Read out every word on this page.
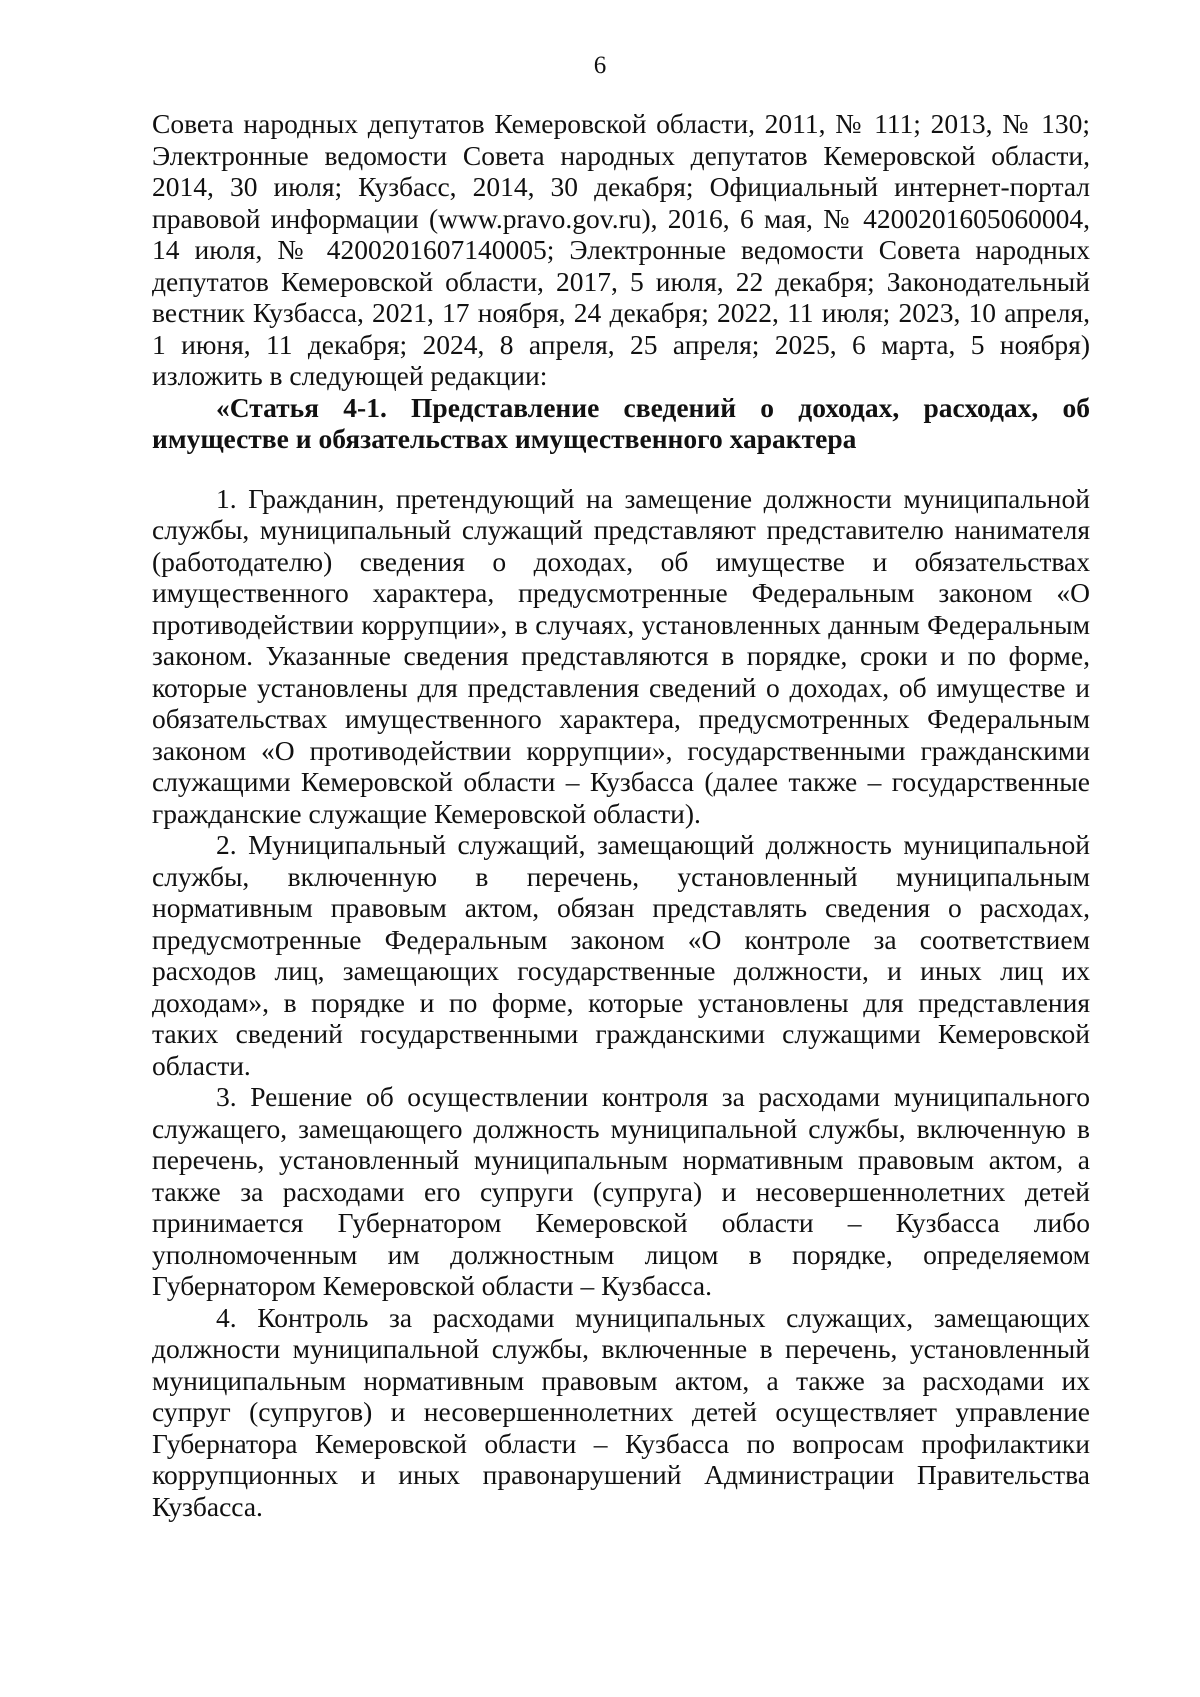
6

Совета народных депутатов Кемеровской области, 2011, № 111; 2013, № 130; Электронные ведомости Совета народных депутатов Кемеровской области, 2014, 30 июля; Кузбасс, 2014, 30 декабря; Официальный интернет-портал правовой информации (www.pravo.gov.ru), 2016, 6 мая, № 4200201605060004, 14 июля, № 4200201607140005; Электронные ведомости Совета народных депутатов Кемеровской области, 2017, 5 июля, 22 декабря; Законодательный вестник Кузбасса, 2021, 17 ноября, 24 декабря; 2022, 11 июля; 2023, 10 апреля, 1 июня, 11 декабря; 2024, 8 апреля, 25 апреля; 2025, 6 марта, 5 ноября) изложить в следующей редакции:

«Статья 4-1. Представление сведений о доходах, расходах, об имуществе и обязательствах имущественного характера

1. Гражданин, претендующий на замещение должности муниципальной службы, муниципальный служащий представляют представителю нанимателя (работодателю) сведения о доходах, об имуществе и обязательствах имущественного характера, предусмотренные Федеральным законом «О противодействии коррупции», в случаях, установленных данным Федеральным законом. Указанные сведения представляются в порядке, сроки и по форме, которые установлены для представления сведений о доходах, об имуществе и обязательствах имущественного характера, предусмотренных Федеральным законом «О противодействии коррупции», государственными гражданскими служащими Кемеровской области – Кузбасса (далее также – государственные гражданские служащие Кемеровской области).

2. Муниципальный служащий, замещающий должность муниципальной службы, включенную в перечень, установленный муниципальным нормативным правовым актом, обязан представлять сведения о расходах, предусмотренные Федеральным законом «О контроле за соответствием расходов лиц, замещающих государственные должности, и иных лиц их доходам», в порядке и по форме, которые установлены для представления таких сведений государственными гражданскими служащими Кемеровской области.

3. Решение об осуществлении контроля за расходами муниципального служащего, замещающего должность муниципальной службы, включенную в перечень, установленный муниципальным нормативным правовым актом, а также за расходами его супруги (супруга) и несовершеннолетних детей принимается Губернатором Кемеровской области – Кузбасса либо уполномоченным им должностным лицом в порядке, определяемом Губернатором Кемеровской области – Кузбасса.

4. Контроль за расходами муниципальных служащих, замещающих должности муниципальной службы, включенные в перечень, установленный муниципальным нормативным правовым актом, а также за расходами их супруг (супругов) и несовершеннолетних детей осуществляет управление Губернатора Кемеровской области – Кузбасса по вопросам профилактики коррупционных и иных правонарушений Администрации Правительства Кузбасса.
